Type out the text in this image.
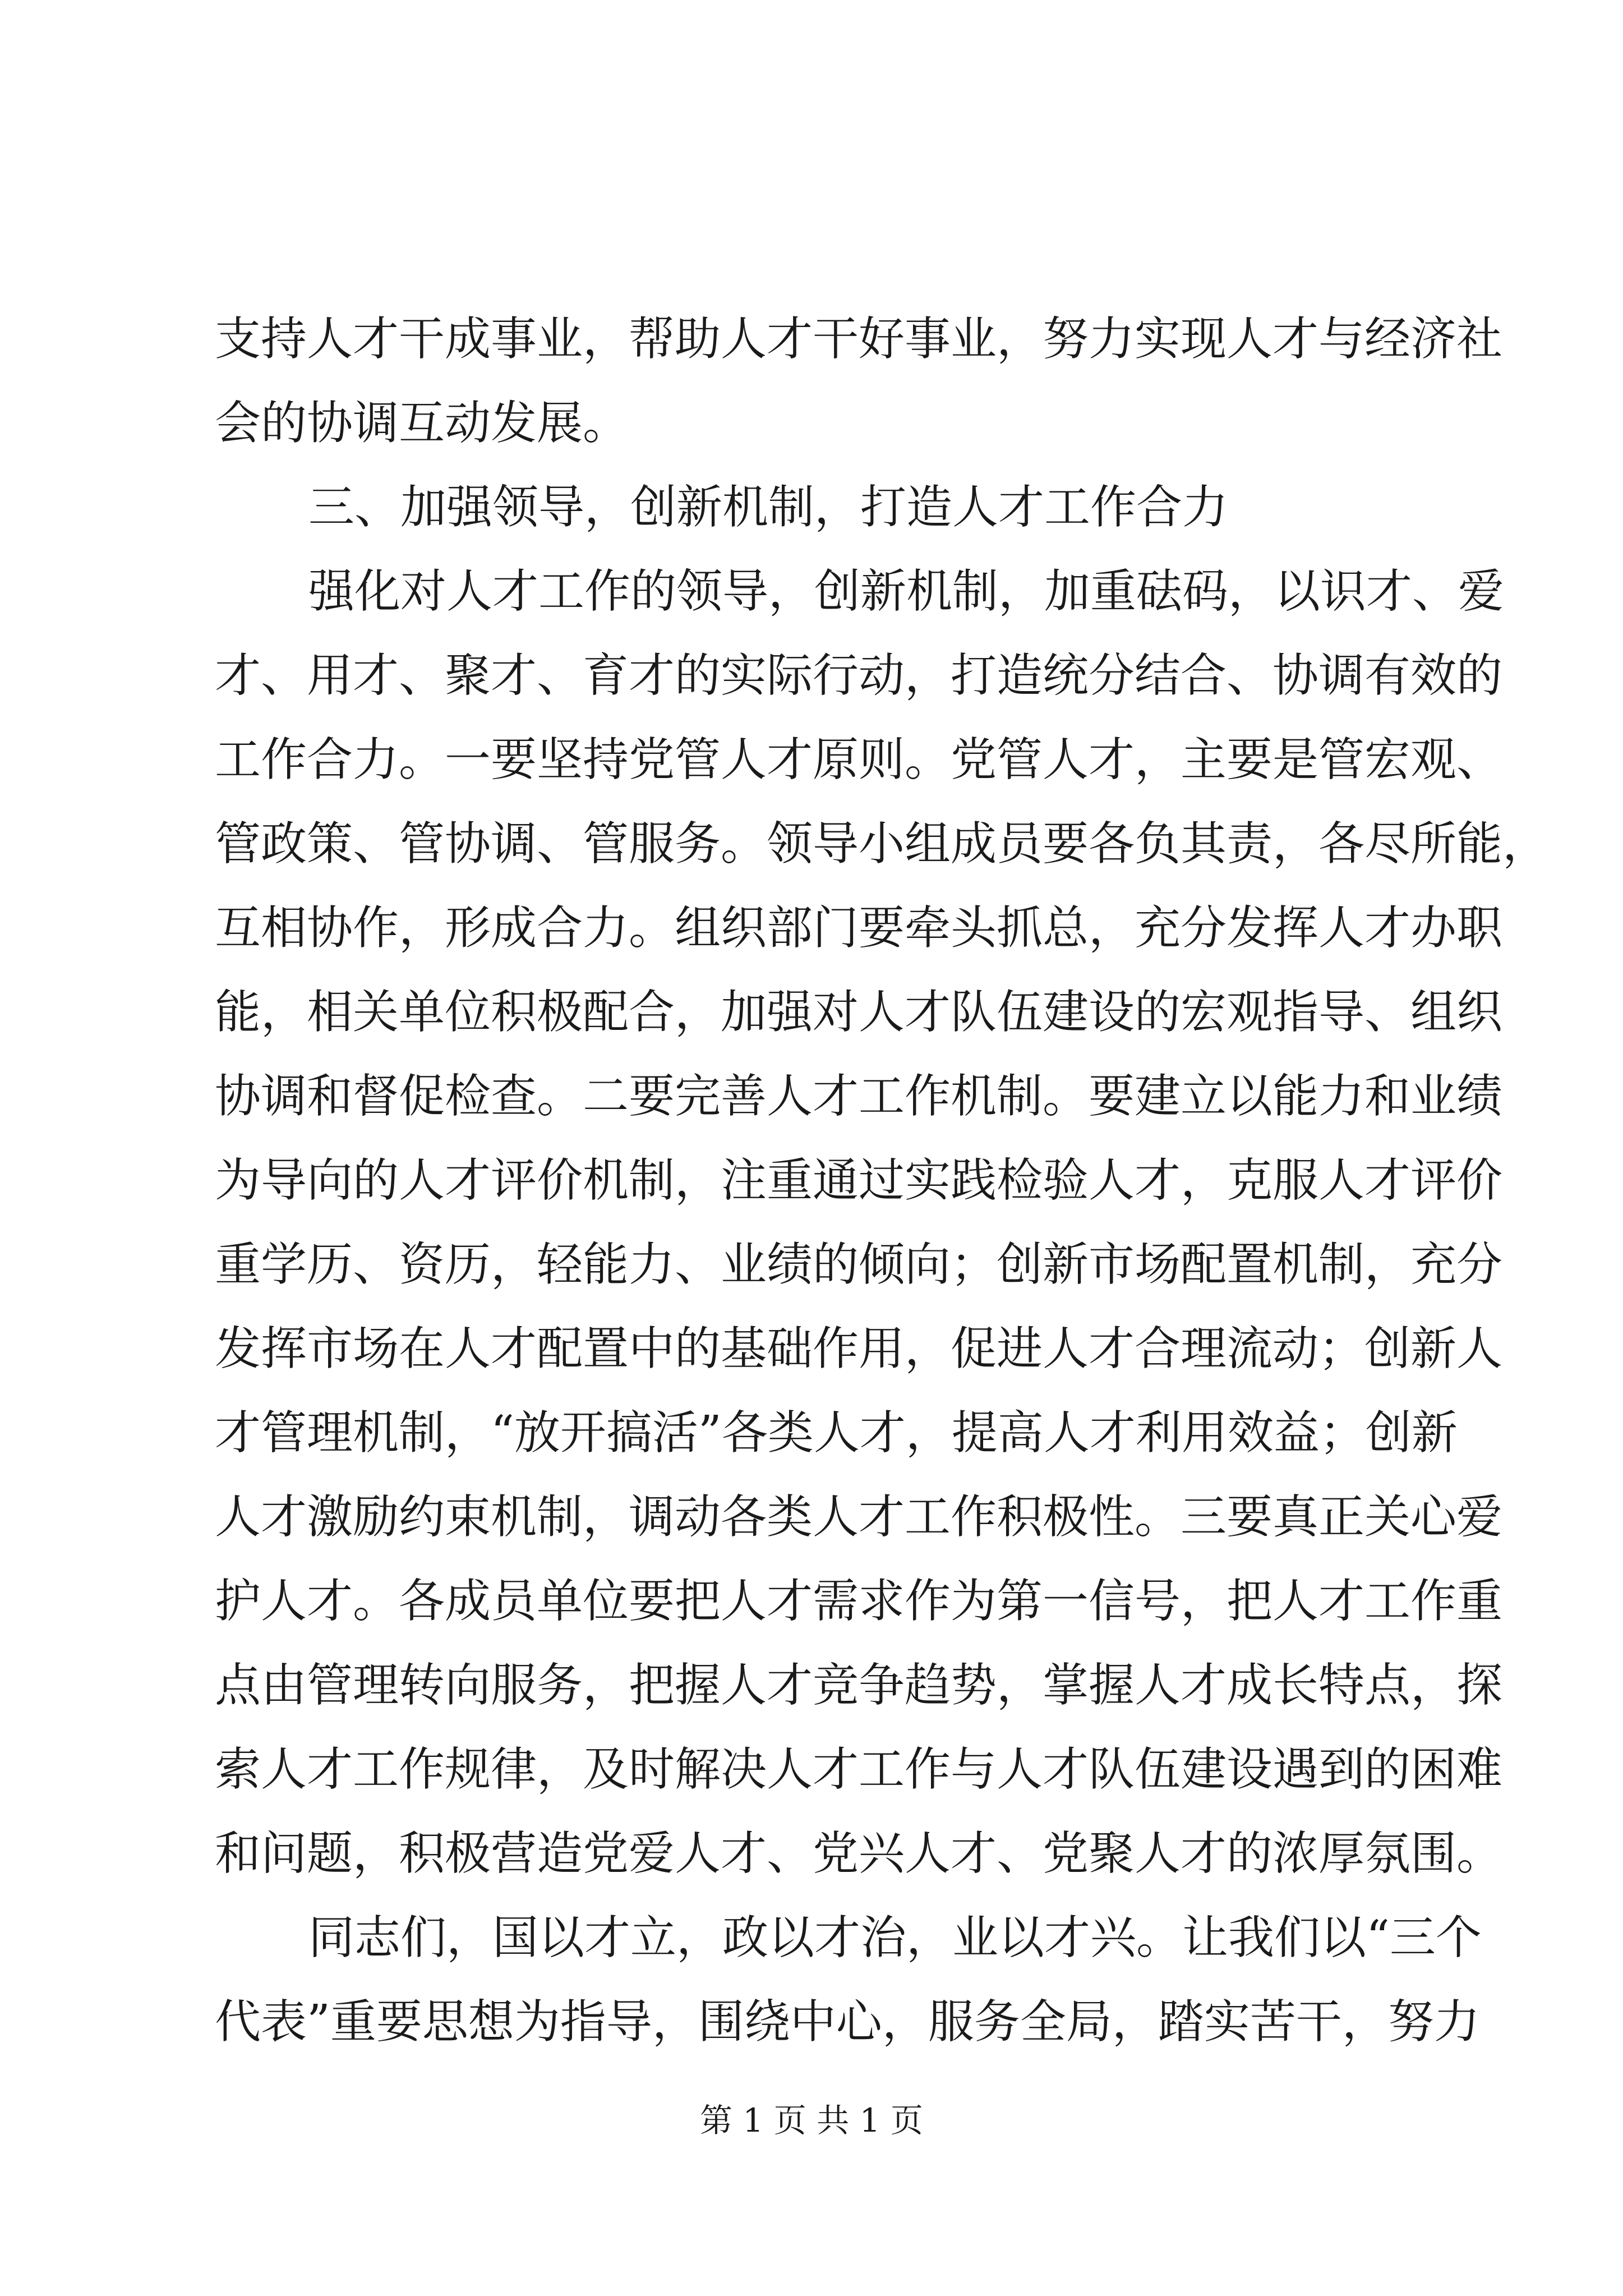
支持人才干成事业，帮助人才干好事业，努力实现人才与经济社
会的协调互动发展。
三、加强领导，创新机制，打造人才工作合力
强化对人才工作的领导，创新机制，加重砝码，以识才、爱
才、用才、聚才、育才的实际行动，打造统分结合、协调有效的
工作合力。一要坚持党管人才原则。党管人才，主要是管宏观、
管政策、管协调、管服务。领导小组成员要各负其责，各尽所能，
互相协作，形成合力。组织部门要牵头抓总，充分发挥人才办职
能，相关单位积极配合，加强对人才队伍建设的宏观指导、组织
协调和督促检查。二要完善人才工作机制。要建立以能力和业绩
为导向的人才评价机制，注重通过实践检验人才，克服人才评价
重学历、资历，轻能力、业绩的倾向；创新市场配置机制，充分
发挥市场在人才配置中的基础作用，促进人才合理流动；创新人
才管理机制，“放开搞活”各类人才，提高人才利用效益；创新
人才激励约束机制，调动各类人才工作积极性。三要真正关心爱
护人才。各成员单位要把人才需求作为第一信号，把人才工作重
点由管理转向服务，把握人才竞争趋势，掌握人才成长特点，探
索人才工作规律，及时解决人才工作与人才队伍建设遇到的困难
和问题，积极营造党爱人才、党兴人才、党聚人才的浓厚氛围。
同志们，国以才立，政以才治，业以才兴。让我们以“三个
代表”重要思想为指导，围绕中心，服务全局，踏实苦干，努力
第 1 页 共 1 页
